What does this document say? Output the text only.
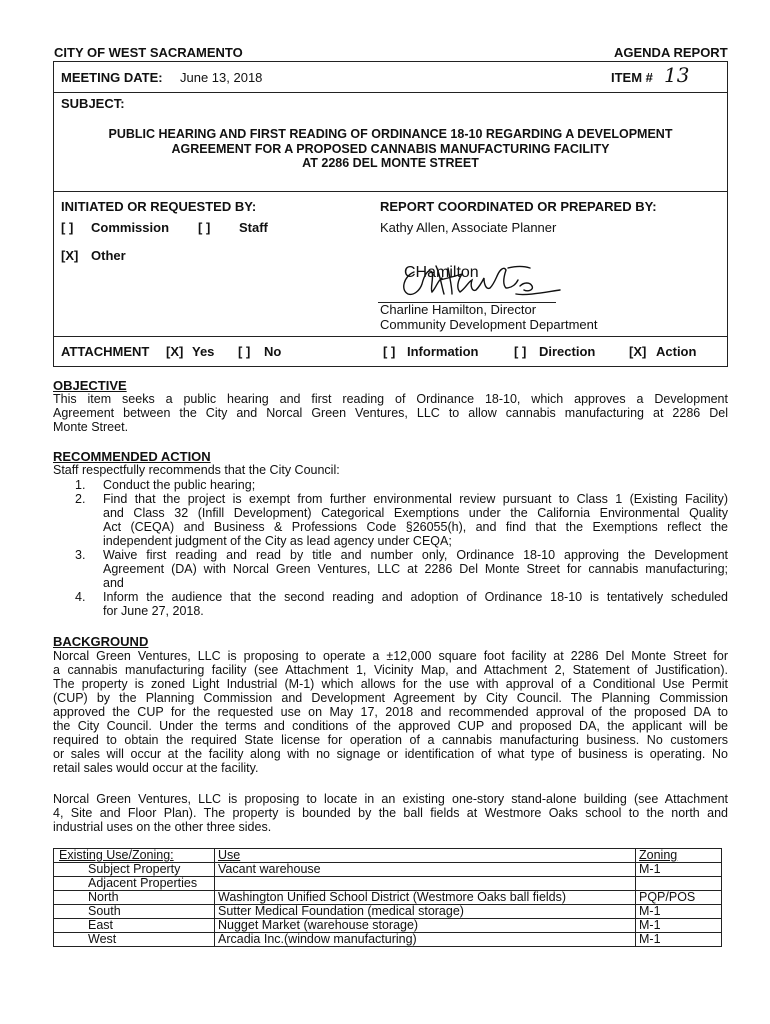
CITY OF WEST SACRAMENTO	AGENDA REPORT
MEETING DATE: June 13, 2018	ITEM # 13
SUBJECT:
PUBLIC HEARING AND FIRST READING OF ORDINANCE 18-10 REGARDING A DEVELOPMENT
AGREEMENT FOR A PROPOSED CANNABIS MANUFACTURING FACILITY
AT 2286 DEL MONTE STREET
INITIATED OR REQUESTED BY:
[ ] Commission [ ] Staff
[X] Other
REPORT COORDINATED OR PREPARED BY:
Kathy Allen, Associate Planner
CHamilton
Charline Hamilton, Director
Community Development Department
ATTACHMENT [X] Yes [ ] No	[ ] Information	[ ] Direction	[X] Action
OBJECTIVE
This item seeks a public hearing and first reading of Ordinance 18-10, which approves a Development
Agreement between the City and Norcal Green Ventures, LLC to allow cannabis manufacturing at 2286 Del
Monte Street.
RECOMMENDED ACTION
Staff respectfully recommends that the City Council:
1. Conduct the public hearing;
2. Find that the project is exempt from further environmental review pursuant to Class 1 (Existing Facility)
and Class 32 (Infill Development) Categorical Exemptions under the California Environmental Quality
Act (CEQA) and Business & Professions Code §26055(h), and find that the Exemptions reflect the
independent judgment of the City as lead agency under CEQA;
3. Waive first reading and read by title and number only, Ordinance 18-10 approving the Development
Agreement (DA) with Norcal Green Ventures, LLC at 2286 Del Monte Street for cannabis manufacturing;
and
4. Inform the audience that the second reading and adoption of Ordinance 18-10 is tentatively scheduled
for June 27, 2018.
BACKGROUND
Norcal Green Ventures, LLC is proposing to operate a ±12,000 square foot facility at 2286 Del Monte Street for
a cannabis manufacturing facility (see Attachment 1, Vicinity Map, and Attachment 2, Statement of Justification).
The property is zoned Light Industrial (M-1) which allows for the use with approval of a Conditional Use Permit
(CUP) by the Planning Commission and Development Agreement by City Council. The Planning Commission
approved the CUP for the requested use on May 17, 2018 and recommended approval of the proposed DA to
the City Council. Under the terms and conditions of the approved CUP and proposed DA, the applicant will be
required to obtain the required State license for operation of a cannabis manufacturing business. No customers
or sales will occur at the facility along with no signage or identification of what type of business is operating. No
retail sales would occur at the facility.
Norcal Green Ventures, LLC is proposing to locate in an existing one-story stand-alone building (see Attachment
4, Site and Floor Plan). The property is bounded by the ball fields at Westmore Oaks school to the north and
industrial uses on the other three sides.
Existing Use/Zoning:	Use	Zoning
Subject Property	Vacant warehouse	M-1
Adjacent Properties		
North	Washington Unified School District (Westmore Oaks ball fields)	PQP/POS
South	Sutter Medical Foundation (medical storage)	M-1
East	Nugget Market (warehouse storage)	M-1
West	Arcadia Inc.(window manufacturing)	M-1
